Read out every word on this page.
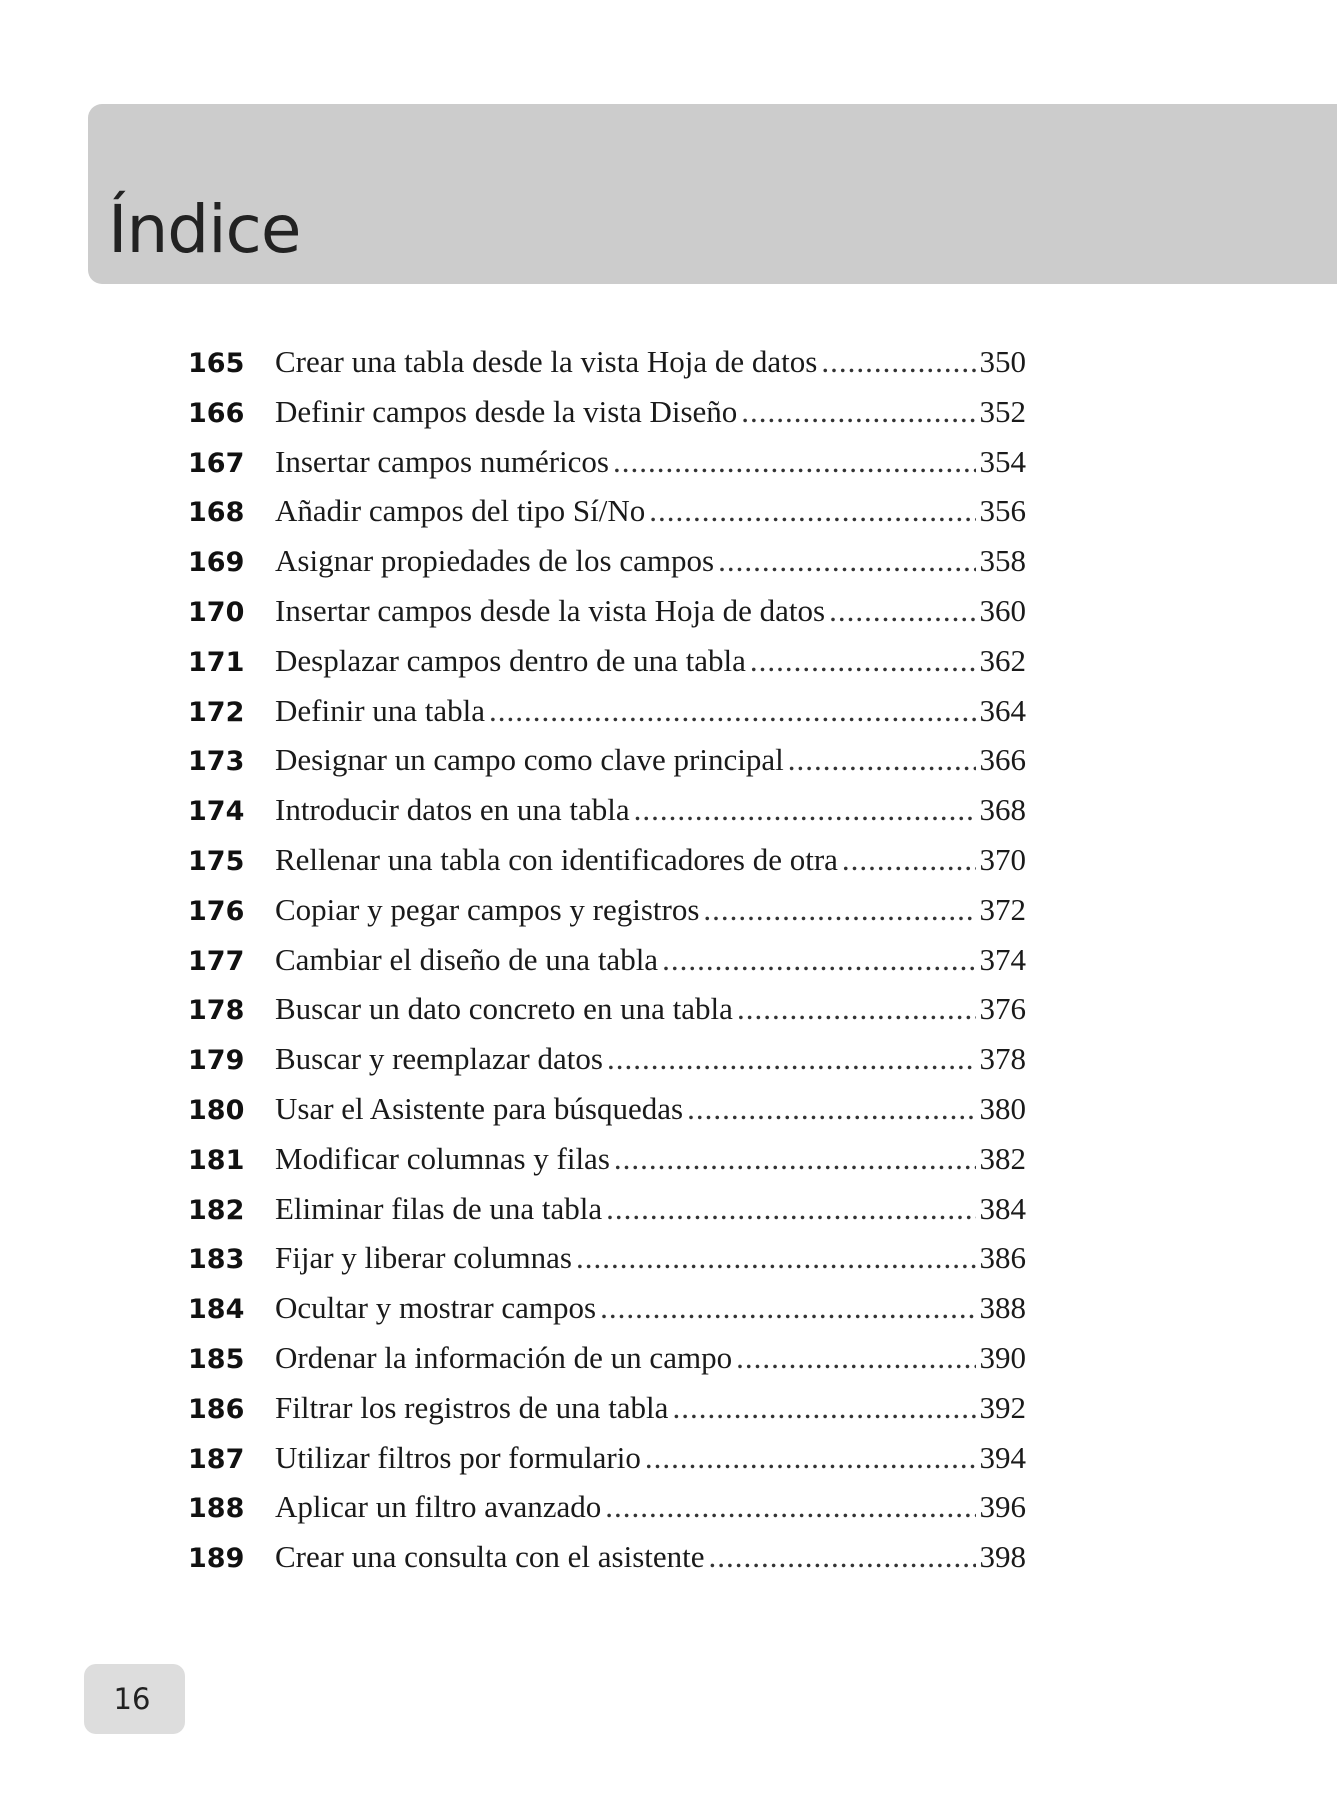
Índice
165 Crear una tabla desde la vista Hoja de datos .....	350
166 Definir campos desde la vista Diseño .....	352
167 Insertar campos numéricos .....	354
168 Añadir campos del tipo Sí/No .....	356
169 Asignar propiedades de los campos .....	358
170 Insertar campos desde la vista Hoja de datos .....	360
171 Desplazar campos dentro de una tabla .....	362
172 Definir una tabla .....	364
173 Designar un campo como clave principal .....	366
174 Introducir datos en una tabla .....	368
175 Rellenar una tabla con identificadores de otra .....	370
176 Copiar y pegar campos y registros .....	372
177 Cambiar el diseño de una tabla .....	374
178 Buscar un dato concreto en una tabla .....	376
179 Buscar y reemplazar datos .....	378
180 Usar el Asistente para búsquedas .....	380
181 Modificar columnas y filas .....	382
182 Eliminar filas de una tabla .....	384
183 Fijar y liberar columnas .....	386
184 Ocultar y mostrar campos .....	388
185 Ordenar la información de un campo .....	390
186 Filtrar los registros de una tabla .....	392
187 Utilizar filtros por formulario .....	394
188 Aplicar un filtro avanzado .....	396
189 Crear una consulta con el asistente .....	398
16
